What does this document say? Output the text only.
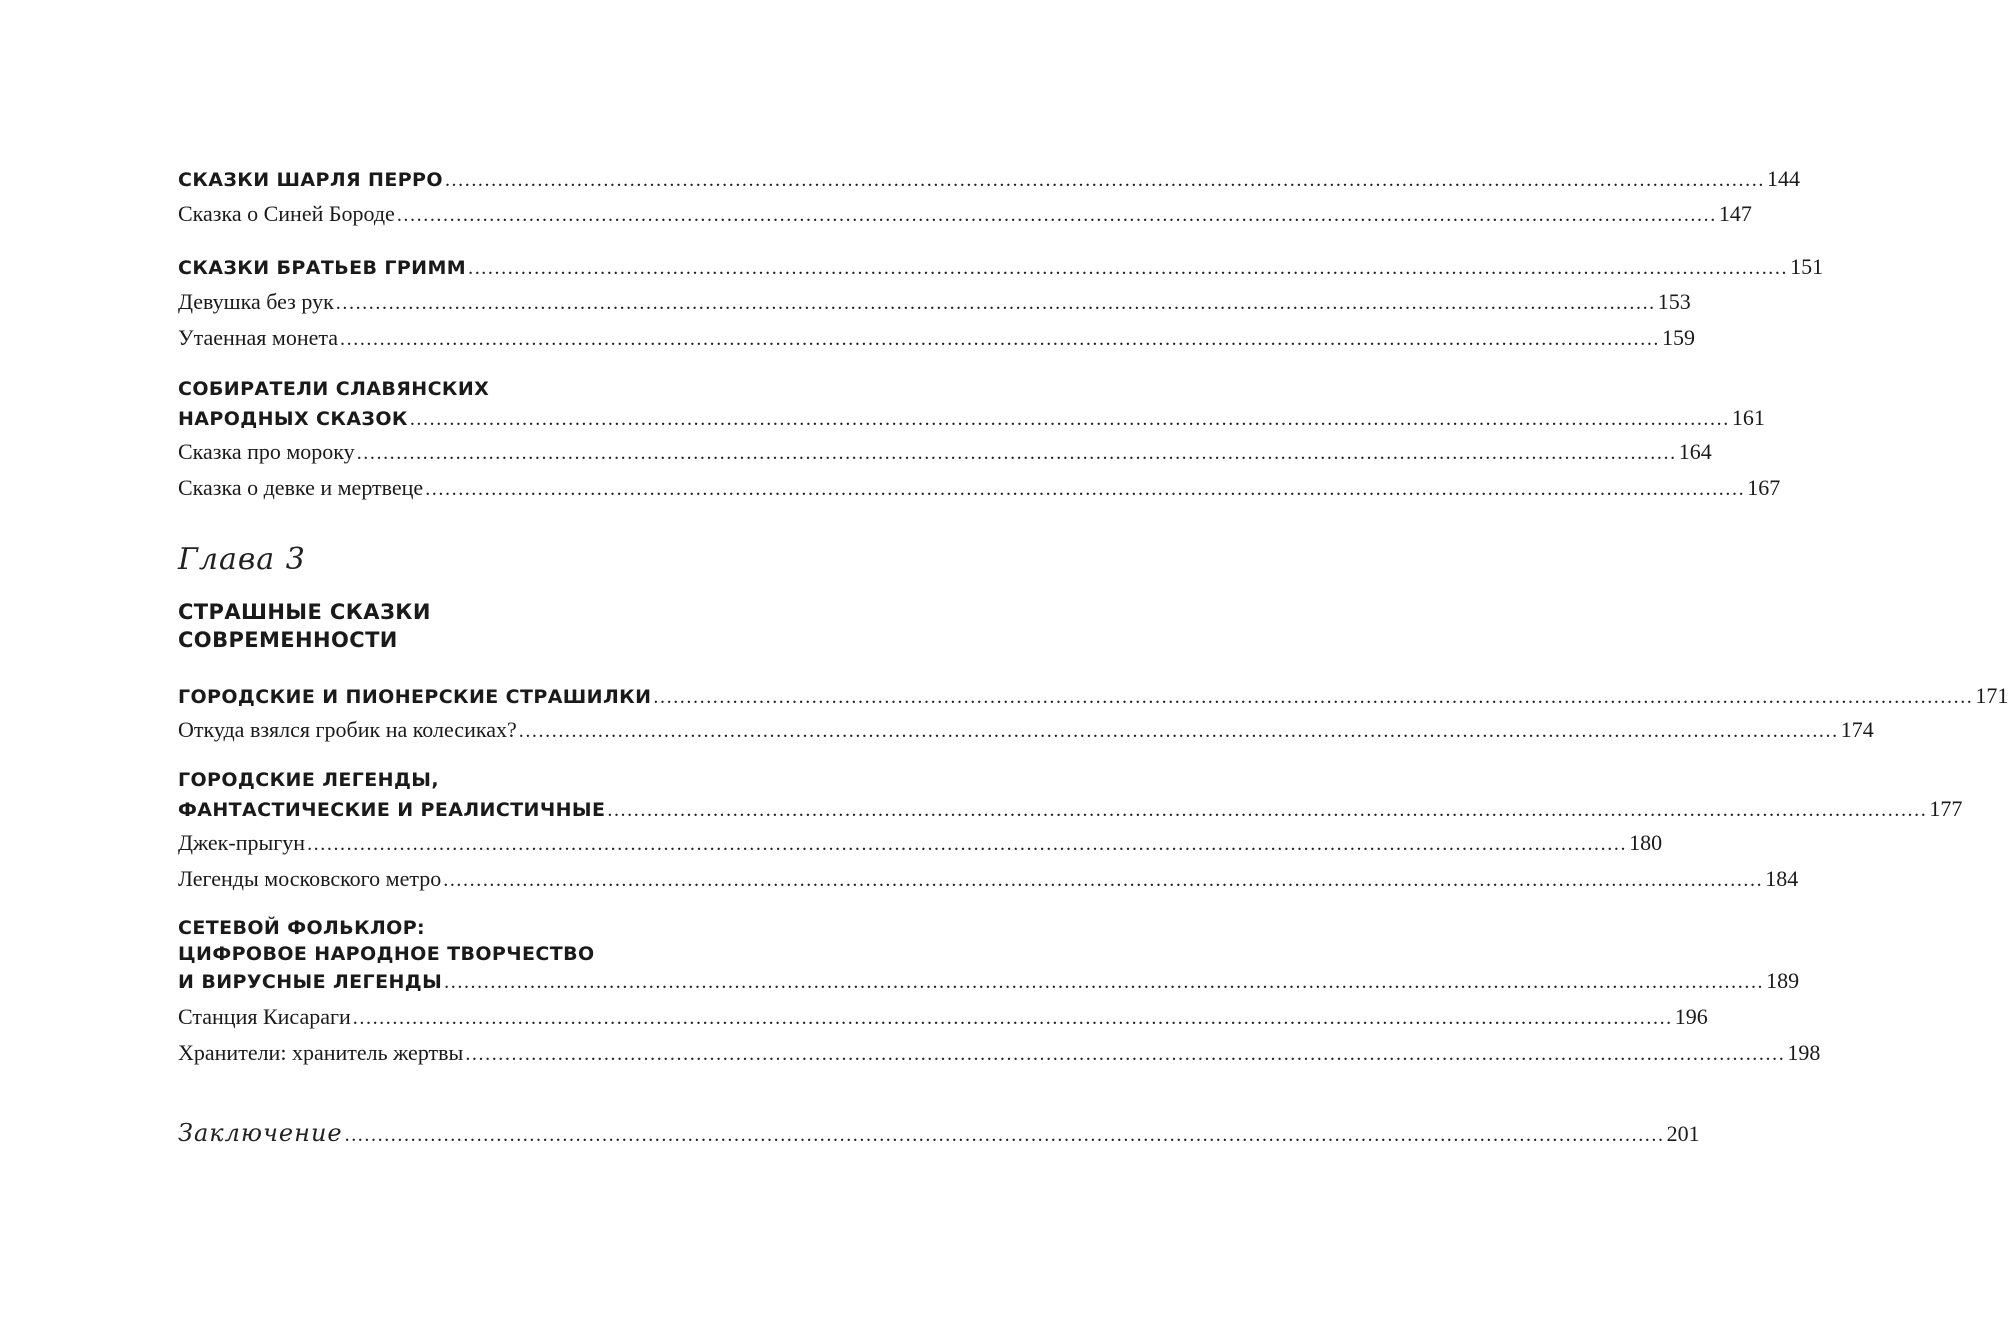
СКАЗКИ ШАРЛЯ ПЕРРО ........................................................................................................................................................................................................ 144
Сказка о Синей Бороде ........................................................................................................................................................................................................ 147
СКАЗКИ БРАТЬЕВ ГРИММ ........................................................................................................................................................................................................ 151
Девушка без рук ........................................................................................................................................................................................................ 153
Утаенная монета ........................................................................................................................................................................................................ 159
СОБИРАТЕЛИ СЛАВЯНСКИХ
НАРОДНЫХ СКАЗОК ........................................................................................................................................................................................................ 161
Сказка про мороку ........................................................................................................................................................................................................ 164
Сказка о девке и мертвеце ........................................................................................................................................................................................................ 167
Глава 3
СТРАШНЫЕ СКАЗКИ
СОВРЕМЕННОСТИ
ГОРОДСКИЕ И ПИОНЕРСКИЕ СТРАШИЛКИ ........................................................................................................................................................................................................ 171
Откуда взялся гробик на колесиках? ........................................................................................................................................................................................................ 174
ГОРОДСКИЕ ЛЕГЕНДЫ,
ФАНТАСТИЧЕСКИЕ И РЕАЛИСТИЧНЫЕ ........................................................................................................................................................................................................ 177
Джек-прыгун ........................................................................................................................................................................................................ 180
Легенды московского метро ........................................................................................................................................................................................................ 184
СЕТЕВОЙ ФОЛЬКЛОР:
ЦИФРОВОЕ НАРОДНОЕ ТВОРЧЕСТВО
И ВИРУСНЫЕ ЛЕГЕНДЫ ........................................................................................................................................................................................................ 189
Станция Кисараги ........................................................................................................................................................................................................ 196
Хранители: хранитель жертвы ........................................................................................................................................................................................................ 198
Заключение ........................................................................................................................................................................................................ 201
